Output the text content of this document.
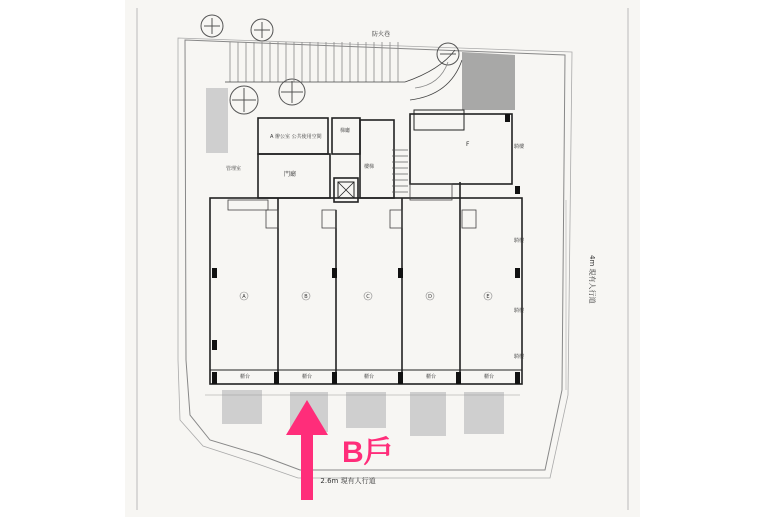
防火巷
A 辦公室 公共使用空間
門廳
梯廳
樓梯
管理室
F
A	B	C	D	E
櫃台	櫃台	櫃台	櫃台	櫃台
騎樓
騎樓
騎樓
騎樓
4m 現有人行道
2.6m 現有人行道
B戶
